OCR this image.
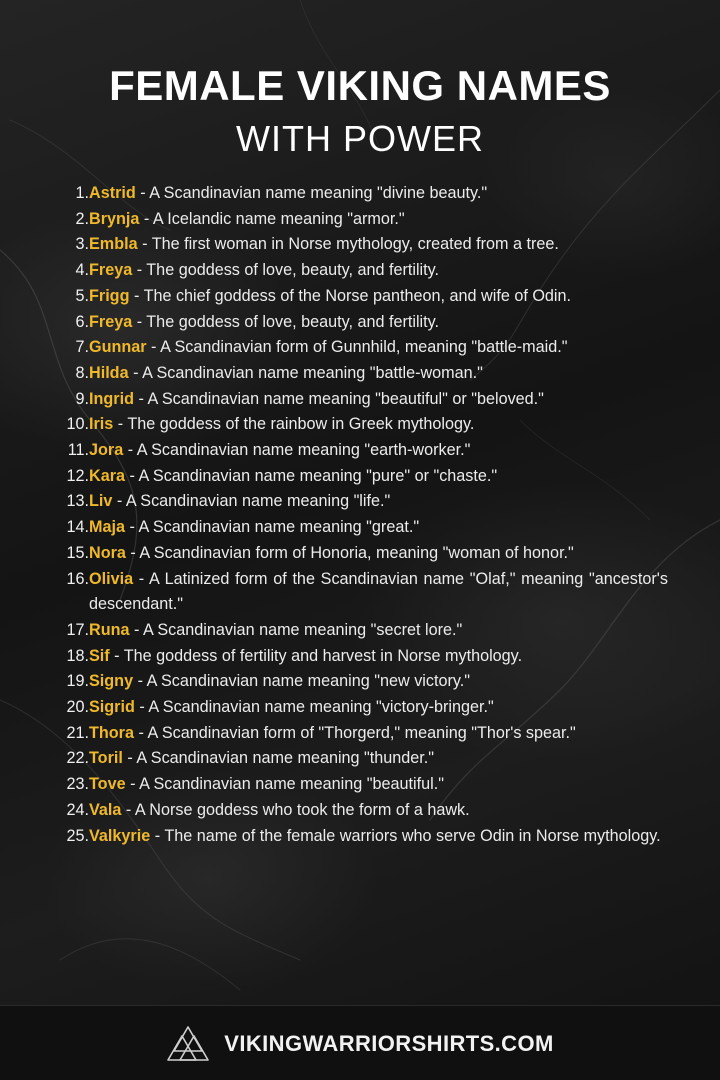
FEMALE VIKING NAMES
WITH POWER
1. Astrid - A Scandinavian name meaning "divine beauty."
2. Brynja - A Icelandic name meaning "armor."
3. Embla - The first woman in Norse mythology, created from a tree.
4. Freya - The goddess of love, beauty, and fertility.
5. Frigg - The chief goddess of the Norse pantheon, and wife of Odin.
6. Freya - The goddess of love, beauty, and fertility.
7. Gunnar - A Scandinavian form of Gunnhild, meaning "battle-maid."
8. Hilda - A Scandinavian name meaning "battle-woman."
9. Ingrid - A Scandinavian name meaning "beautiful" or "beloved."
10. Iris - The goddess of the rainbow in Greek mythology.
11. Jora - A Scandinavian name meaning "earth-worker."
12. Kara - A Scandinavian name meaning "pure" or "chaste."
13. Liv - A Scandinavian name meaning "life."
14. Maja - A Scandinavian name meaning "great."
15. Nora - A Scandinavian form of Honoria, meaning "woman of honor."
16. Olivia - A Latinized form of the Scandinavian name "Olaf," meaning "ancestor's descendant."
17. Runa - A Scandinavian name meaning "secret lore."
18. Sif - The goddess of fertility and harvest in Norse mythology.
19. Signy - A Scandinavian name meaning "new victory."
20. Sigrid - A Scandinavian name meaning "victory-bringer."
21. Thora - A Scandinavian form of "Thorgerd," meaning "Thor's spear."
22. Toril - A Scandinavian name meaning "thunder."
23. Tove - A Scandinavian name meaning "beautiful."
24. Vala - A Norse goddess who took the form of a hawk.
25. Valkyrie - The name of the female warriors who serve Odin in Norse mythology.
VIKINGWARRIORSHIRTS.COM
